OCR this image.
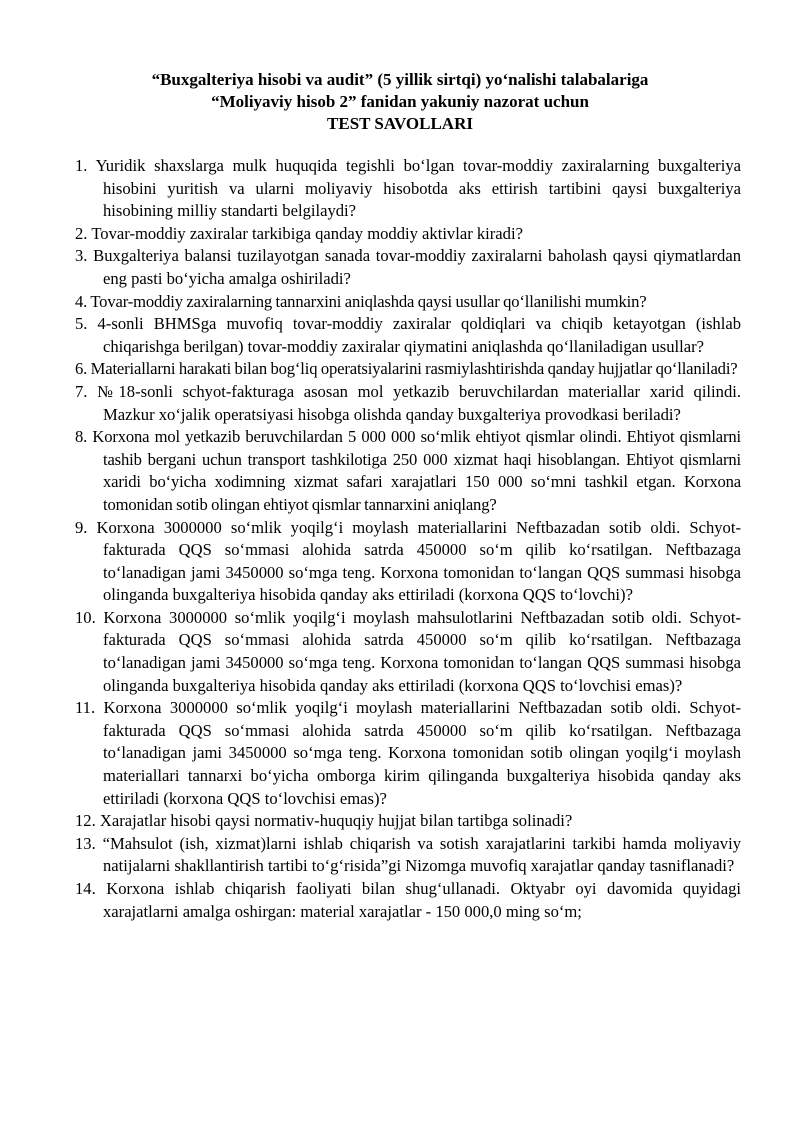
“Buxgalteriya hisobi va audit” (5 yillik sirtqi) yo‘nalishi talabalariga
“Moliyaviy hisob 2” fanidan yakuniy nazorat uchun
TEST SAVOLLARI
1. Yuridik shaxslarga mulk huquqida tegishli bo‘lgan tovar-moddiy zaxiralarning buxgalteriya hisobini yuritish va ularni moliyaviy hisobotda aks ettirish tartibini qaysi buxgalteriya hisobining milliy standarti belgilaydi?
2. Tovar-moddiy zaxiralar tarkibiga qanday moddiy aktivlar kiradi?
3. Buxgalteriya balansi tuzilayotgan sanada tovar-moddiy zaxiralarni baholash qaysi qiymatlardan eng pasti bo‘yicha amalga oshiriladi?
4. Tovar-moddiy zaxiralarning tannarxini aniqlashda qaysi usullar qo‘llanilishi mumkin?
5. 4-sonli BHMSga muvofiq tovar-moddiy zaxiralar qoldiqlari va chiqib ketayotgan (ishlab chiqarishga berilgan) tovar-moddiy zaxiralar qiymatini aniqlashda qo‘llaniladigan usullar?
6. Materiallarni harakati bilan bog‘liq operatsiyalarini rasmiylashtirishda qanday hujjatlar qo‘llaniladi?
7. №18-sonli schyot-fakturaga asosan mol yetkazib beruvchilardan materiallar xarid qilindi. Mazkur xo‘jalik operatsiyasi hisobga olishda qanday buxgalteriya provodkasi beriladi?
8. Korxona mol yetkazib beruvchilardan 5 000 000 so‘mlik ehtiyot qismlar olindi. Ehtiyot qismlarni tashib bergani uchun transport tashkilotiga 250 000 xizmat haqi hisoblangan. Ehtiyot qismlarni xaridi bo‘yicha xodimning xizmat safari xarajatlari 150 000 so‘mni tashkil etgan. Korxona tomonidan sotib olingan ehtiyot qismlar tannarxini aniqlang?
9. Korxona 3000000 so‘mlik yoqilg‘i moylash materiallarini Neftbazadan sotib oldi. Schyot-fakturada QQS so‘mmasi alohida satrda 450000 so‘m qilib ko‘rsatilgan. Neftbazaga to‘lanadigan jami 3450000 so‘mga teng. Korxona tomonidan to‘langan QQS summasi hisobga olinganda buxgalteriya hisobida qanday aks ettiriladi (korxona QQS to‘lovchi)?
10. Korxona 3000000 so‘mlik yoqilg‘i moylash mahsulotlarini Neftbazadan sotib oldi. Schyot-fakturada QQS so‘mmasi alohida satrda 450000 so‘m qilib ko‘rsatilgan. Neftbazaga to‘lanadigan jami 3450000 so‘mga teng. Korxona tomonidan to‘langan QQS summasi hisobga olinganda buxgalteriya hisobida qanday aks ettiriladi (korxona QQS to‘lovchisi emas)?
11. Korxona 3000000 so‘mlik yoqilg‘i moylash materiallarini Neftbazadan sotib oldi. Schyot-fakturada QQS so‘mmasi alohida satrda 450000 so‘m qilib ko‘rsatilgan. Neftbazaga to‘lanadigan jami 3450000 so‘mga teng. Korxona tomonidan sotib olingan yoqilg‘i moylash materiallari tannarxi bo‘yicha omborga kirim qilinganda buxgalteriya hisobida qanday aks ettiriladi (korxona QQS to‘lovchisi emas)?
12. Xarajatlar hisobi qaysi normativ-huquqiy hujjat bilan tartibga solinadi?
13. “Mahsulot (ish, xizmat)larni ishlab chiqarish va sotish xarajatlarini tarkibi hamda moliyaviy natijalarni shakllantirish tartibi to‘g‘risida”gi Nizomga muvofiq xarajatlar qanday tasniflanadi?
14. Korxona ishlab chiqarish faoliyati bilan shug‘ullanadi. Oktyabr oyi davomida quyidagi xarajatlarni amalga oshirgan: material xarajatlar - 150 000,0 ming so‘m;
